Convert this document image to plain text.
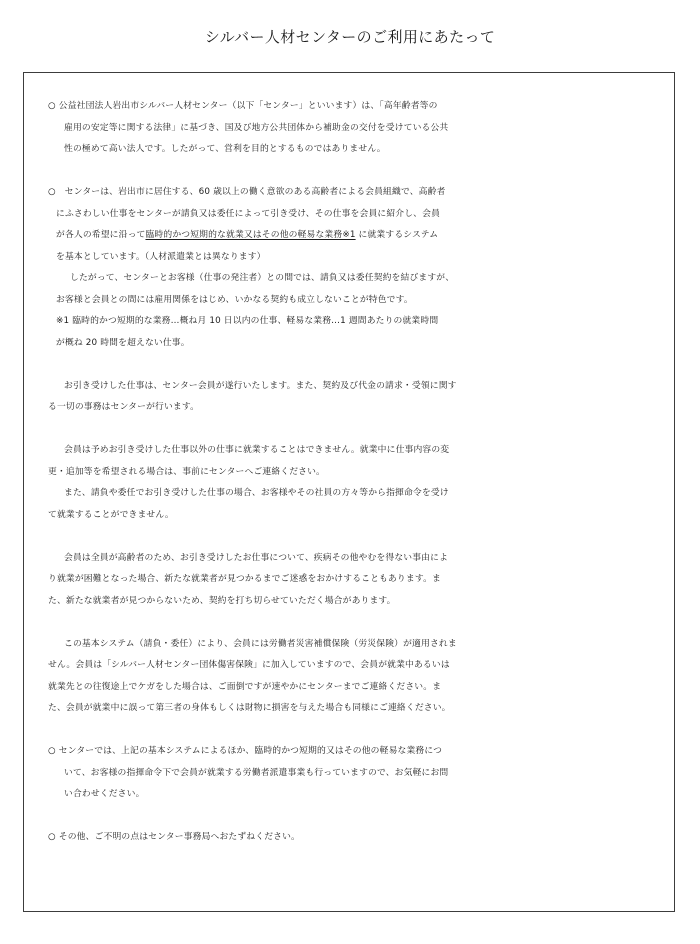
シルバー人材センターのご利用にあたって
○ 公益社団法人岩出市シルバー人材センター（以下「センター」といいます）は、「高年齢者等の
雇用の安定等に関する法律」に基づき、国及び地方公共団体から補助金の交付を受けている公共
性の極めて高い法人です。したがって、営利を目的とするものではありません。
○　センターは、岩出市に居住する、60 歳以上の働く意欲のある高齢者による会員組織で、高齢者
にふさわしい仕事をセンターが請負又は委任によって引き受け、その仕事を会員に紹介し、会員
が各人の希望に沿って臨時的かつ短期的な就業又はその他の軽易な業務※1 に就業するシステム
を基本としています。（人材派遣業とは異なります）
したがって、センターとお客様（仕事の発注者）との間では、請負又は委任契約を結びますが、
お客様と会員との間には雇用関係をはじめ、いかなる契約も成立しないことが特色です。
※1 臨時的かつ短期的な業務…概ね月 10 日以内の仕事、軽易な業務…1 週間あたりの就業時間
が概ね 20 時間を超えない仕事。
お引き受けした仕事は、センター会員が遂行いたします。また、契約及び代金の請求・受領に関す
る一切の事務はセンターが行います。
会員は予めお引き受けした仕事以外の仕事に就業することはできません。就業中に仕事内容の変
更・追加等を希望される場合は、事前にセンターへご連絡ください。
また、請負や委任でお引き受けした仕事の場合、お客様やその社員の方々等から指揮命令を受け
て就業することができません。
会員は全員が高齢者のため、お引き受けしたお仕事について、疾病その他やむを得ない事由によ
り就業が困難となった場合、新たな就業者が見つかるまでご迷惑をおかけすることもあります。ま
た、新たな就業者が見つからないため、契約を打ち切らせていただく場合があります。
この基本システム（請負・委任）により、会員には労働者災害補償保険（労災保険）が適用されま
せん。会員は「シルバー人材センター団体傷害保険」に加入していますので、会員が就業中あるいは
就業先との往復途上でケガをした場合は、ご面倒ですが速やかにセンターまでご連絡ください。ま
た、会員が就業中に誤って第三者の身体もしくは財物に損害を与えた場合も同様にご連絡ください。
○ センターでは、上記の基本システムによるほか、臨時的かつ短期的又はその他の軽易な業務につ
いて、お客様の指揮命令下で会員が就業する労働者派遣事業も行っていますので、お気軽にお問
い合わせください。
○ その他、ご不明の点はセンター事務局へおたずねください。
